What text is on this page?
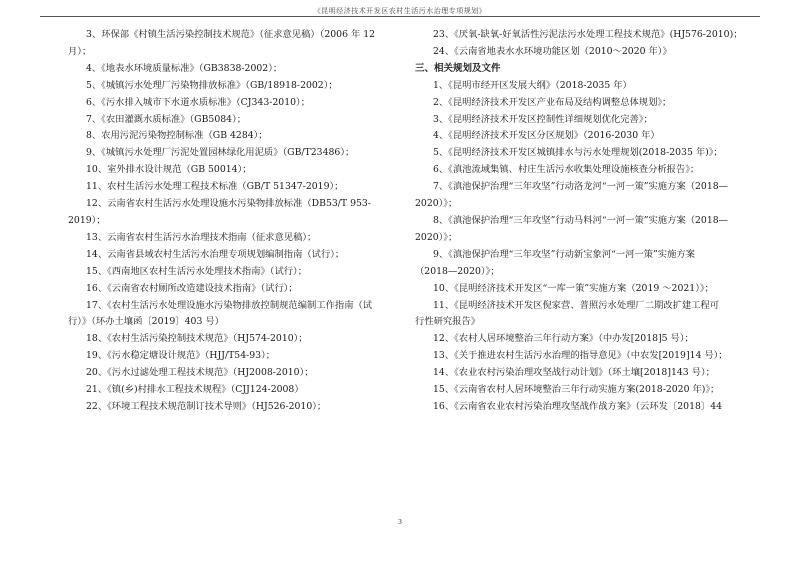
《昆明经济技术开发区农村生活污水治理专项规划》
3、环保部《村镇生活污染控制技术规范》（征求意见稿）（2006 年 12
月）；
4、《地表水环境质量标准》（GB3838-2002）；
5、《城镇污水处理厂污染物排放标准》（GB/18918-2002）；
6、《污水排入城市下水道水质标准》（CJ343-2010）；
7、《农田灌溉水质标准》（GB5084）；
8、农用污泥污染物控制标准（GB 4284）；
9、《城镇污水处理厂污泥处置园林绿化用泥质》（GB/T23486）；
10、室外排水设计规范（GB 50014）；
11、农村生活污水处理工程技术标准（GB/T 51347-2019）；
12、云南省农村生活污水处理设施水污染物排放标准（DB53/T 953-
2019）；
13、云南省农村生活污水治理技术指南（征求意见稿）；
14、云南省县域农村生活污水治理专项规划编制指南（试行）；
15、《西南地区农村生活污水处理技术指南》（试行）；
16、《云南省农村厕所改造建设技术指南》（试行）；
17、《农村生活污水处理设施水污染物排放控制规范编制工作指南（试
行）》（环办土壤函〔2019〕403 号）
18、《农村生活污染控制技术规范》（HJ574-2010）；
19、《污水稳定塘设计规范》（HJJ/T54-93）；
20、《污水过滤处理工程技术规范》（HJ2008-2010）；
21、《镇(乡)村排水工程技术规程》（CJJ124-2008）
22、《环境工程技术规范制订技术导则》（HJ526-2010）；
23、《厌氧-缺氧-好氧活性污泥法污水处理工程技术规范》(HJ576-2010)；
24、《云南省地表水水环境功能区划（2010～2020 年）》
三、相关规划及文件
1、《昆明市经开区发展大纲》（2018-2035 年）
2、《昆明经济技术开发区产业布局及结构调整总体规划》；
3、《昆明经济技术开发区控制性详细规划优化完善》；
4、《昆明经济技术开发区分区规划》（2016-2030 年）
5、《昆明经济技术开发区城镇排水与污水处理规划(2018-2035 年)》；
6、《滇池流域集镇、村庄生活污水收集处理设施核查分析报告》；
7、《滇池保护治理“三年攻坚”行动洛龙河“一河一策”实施方案（2018—
2020）》；
8、《滇池保护治理“三年攻坚”行动马料河“一河一策”实施方案（2018—
2020）》；
9、《滇池保护治理“三年攻坚”行动新宝象河“一河一策”实施方案
（2018—2020）》；
10、《昆明经济技术开发区“一库一策”实施方案（2019 ～2021）》；
11、《昆明经济技术开发区倪家营、普照污水处理厂二期改扩建工程可
行性研究报告》
12、《农村人居环境整治三年行动方案》（中办发[2018]5 号）；
13、《关于推进农村生活污水治理的指导意见》（中农发[2019]14 号）；
14、《农业农村污染治理攻坚战行动计划》（环土壤[2018]143 号）；
15、《云南省农村人居环境整治三年行动实施方案(2018-2020 年)》；
16、《云南省农业农村污染治理攻坚战作战方案》（云环发〔2018〕44
3
